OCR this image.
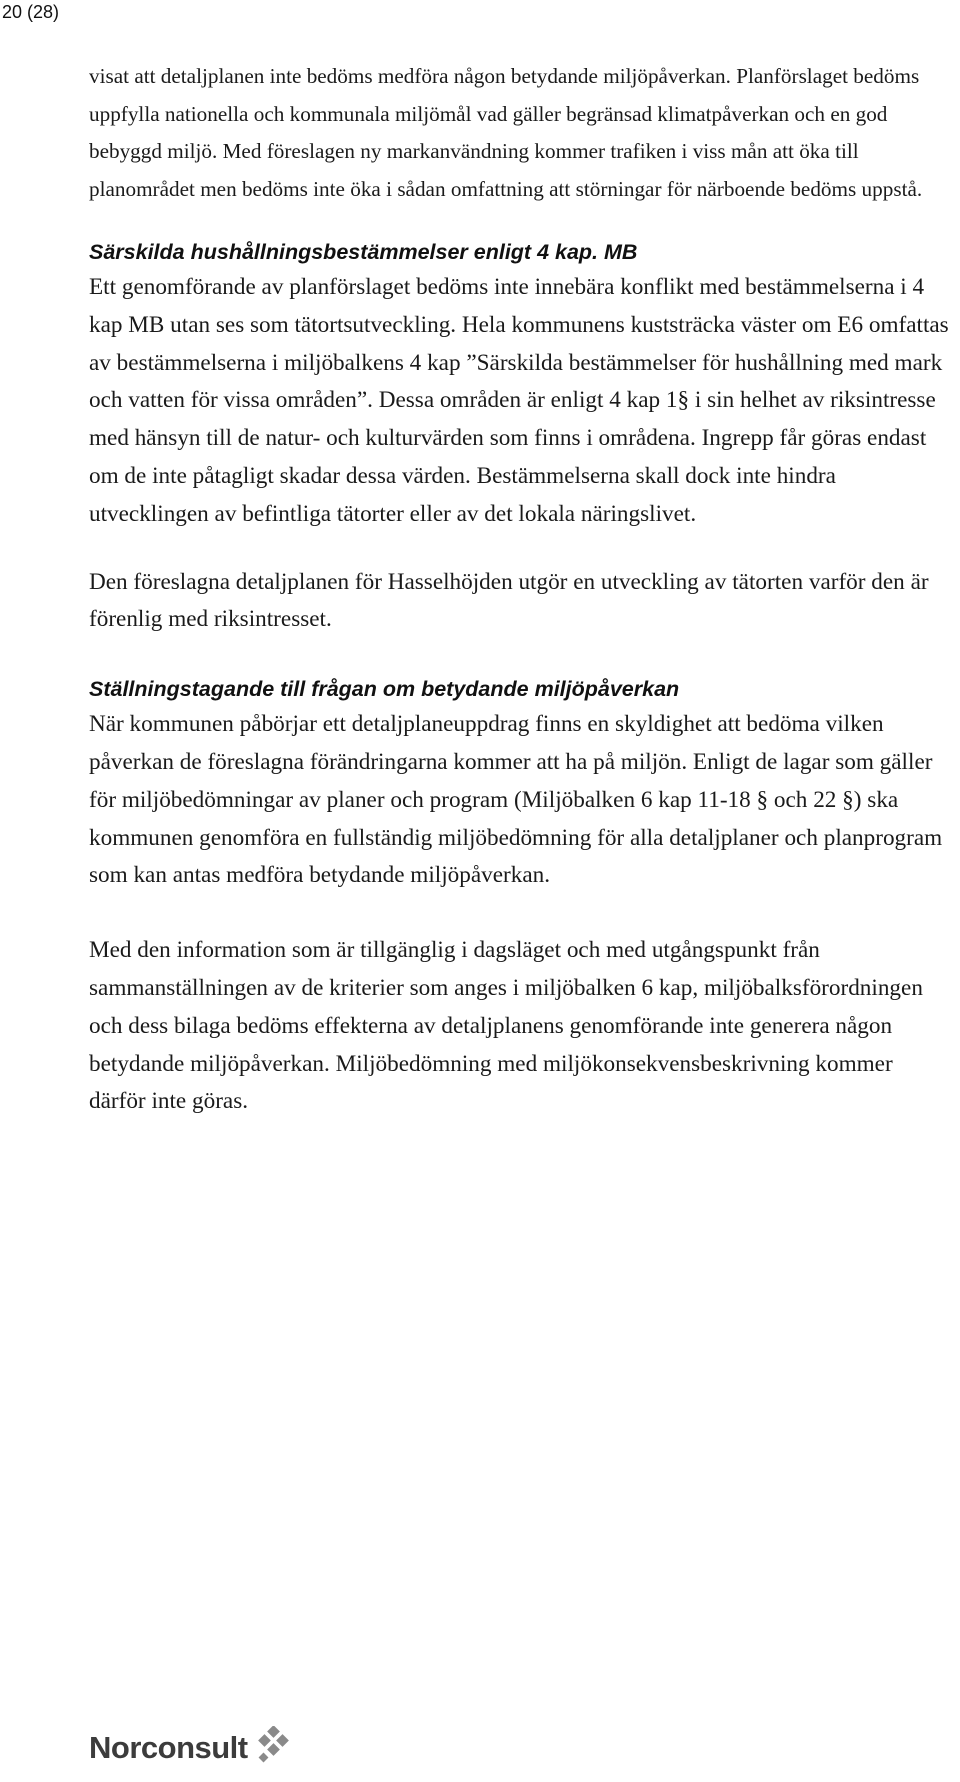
20 (28)

visat att detaljplanen inte bedöms medföra någon betydande miljöpåverkan. Planförslaget bedöms uppfylla nationella och kommunala miljömål vad gäller begränsad klimatpåverkan och en god bebyggd miljö. Med föreslagen ny markanvändning kommer trafiken i viss mån att öka till planområdet men bedöms inte öka i sådan omfattning att störningar för närboende bedöms uppstå.

Särskilda hushållningsbestämmelser enligt 4 kap. MB

Ett genomförande av planförslaget bedöms inte innebära konflikt med bestämmelserna i 4 kap MB utan ses som tätortsutveckling. Hela kommunens kuststräcka väster om E6 omfattas av bestämmelserna i miljöbalkens 4 kap ”Särskilda bestämmelser för hushållning med mark och vatten för vissa områden”. Dessa områden är enligt 4 kap 1§ i sin helhet av riksintresse med hänsyn till de natur- och kulturvärden som finns i områdena. Ingrepp får göras endast om de inte påtagligt skadar dessa värden. Bestämmelserna skall dock inte hindra utvecklingen av befintliga tätorter eller av det lokala näringslivet.

Den föreslagna detaljplanen för Hasselhöjden utgör en utveckling av tätorten varför den är förenlig med riksintresset.

Ställningstagande till frågan om betydande miljöpåverkan

När kommunen påbörjar ett detaljplaneuppdrag finns en skyldighet att bedöma vilken påverkan de föreslagna förändringarna kommer att ha på miljön. Enligt de lagar som gäller för miljöbedömningar av planer och program (Miljöbalken 6 kap 11-18 § och 22 §) ska kommunen genomföra en fullständig miljöbedömning för alla detaljplaner och planprogram som kan antas medföra betydande miljöpåverkan.

Med den information som är tillgänglig i dagsläget och med utgångspunkt från sammanställningen av de kriterier som anges i miljöbalken 6 kap, miljöbalksförordningen och dess bilaga bedöms effekterna av detaljplanens genomförande inte generera någon betydande miljöpåverkan. Miljöbedömning med miljökonsekvensbeskrivning kommer därför inte göras.

Norconsult
